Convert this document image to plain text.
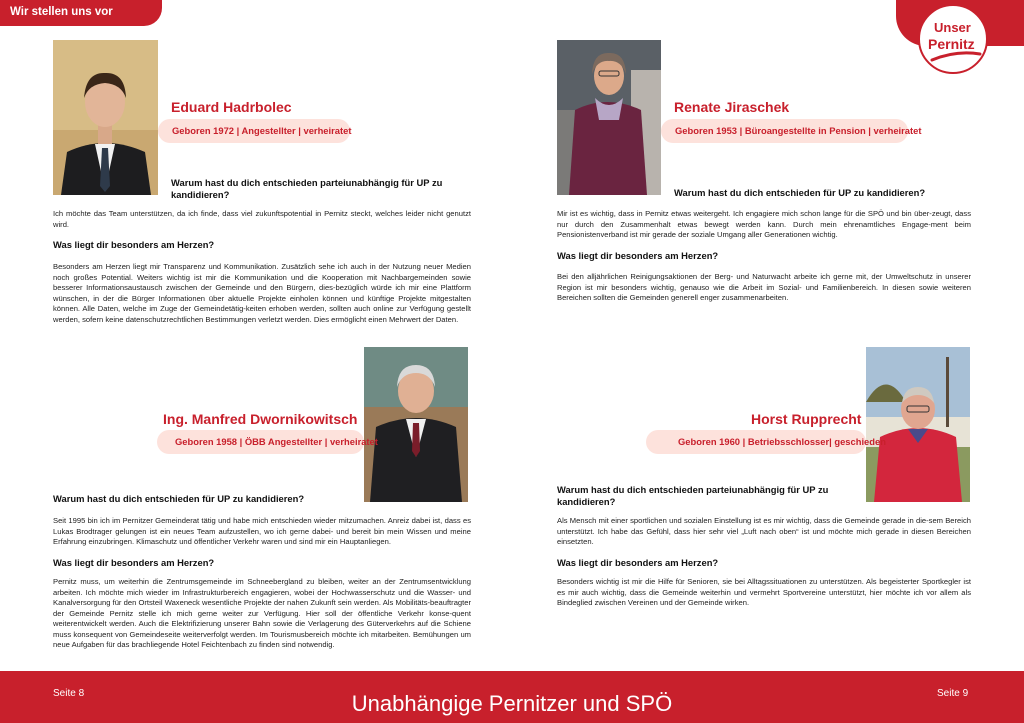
Wir stellen uns vor
Unser
Pernitz
Eduard Hadrbolec
Geboren 1972 | Angestellter | verheiratet
Warum hast du dich entschieden parteiunabhängig für UP zu kandidieren?
Ich möchte das Team unterstützen, da ich finde, dass viel zukunftspotential in Pernitz steckt, welches leider nicht genutzt wird.
Was liegt dir besonders am Herzen?
Besonders am Herzen liegt mir Transparenz und Kommunikation. Zusätzlich sehe ich auch in der Nutzung neuer Medien noch großes Potential. Weiters wichtig ist mir die Kommunikation und die Kooperation mit Nachbargemeinden sowie besserer Informationsaustausch zwischen der Gemeinde und den Bürgern, dies-bezüglich würde ich mir eine Plattform wünschen, in der die Bürger Informationen über aktuelle Projekte einholen können und künftige Projekte mitgestalten können. Alle Daten, welche im Zuge der Gemeindetätig-keiten erhoben werden, sollten auch online zur Verfügung gestellt werden, sofern keine datenschutzrechtlichen Bestimmungen verletzt werden. Dies ermöglicht einen Mehrwert der Daten.
Renate Jiraschek
Geboren 1953 | Büroangestellte in Pension | verheiratet
Warum hast du dich entschieden für UP zu kandidieren?
Mir ist es wichtig, dass in Pernitz etwas weitergeht. Ich engagiere mich schon lange für die SPÖ und bin über-zeugt, dass nur durch den Zusammenhalt etwas bewegt werden kann. Durch mein ehrenamtliches Engage-ment beim Pensionistenverband ist mir gerade der soziale Umgang aller Generationen wichtig.
Was liegt dir besonders am Herzen?
Bei den alljährlichen Reinigungsaktionen der Berg- und Naturwacht arbeite ich gerne mit, der Umweltschutz in unserer Region ist mir besonders wichtig, genauso wie die Arbeit im Sozial- und Familienbereich. In diesen sowie weiteren Bereichen sollten die Gemeinden generell enger zusammenarbeiten.
Ing. Manfred Dwornikowitsch
Geboren 1958 | ÖBB Angestellter | verheiratet
Warum hast du dich entschieden für UP zu kandidieren?
Seit 1995 bin ich im Pernitzer Gemeinderat tätig und habe mich entschieden wieder mitzumachen. Anreiz dabei ist, dass es Lukas Brodtrager gelungen ist ein neues Team aufzustellen, wo ich gerne dabei- und bereit bin mein Wissen und meine Erfahrung einzubringen. Klimaschutz und öffentlicher Verkehr waren und sind mir ein Hauptanliegen.
Was liegt dir besonders am Herzen?
Pernitz muss, um weiterhin die Zentrumsgemeinde im Schneebergland zu bleiben, weiter an der Zentrumsentwicklung arbeiten. Ich möchte mich wieder im Infrastrukturbereich engagieren, wobei der Hochwasserschutz und die Wasser- und Kanalversorgung für den Ortsteil Waxeneck wesentliche Projekte der nahen Zukunft sein werden. Als Mobilitäts-beauftragter der Gemeinde Pernitz stelle ich mich gerne weiter zur Verfügung. Hier soll der öffentliche Verkehr konse-quent weiterentwickelt werden. Auch die Elektrifizierung unserer Bahn sowie die Verlagerung des Güterverkehrs auf die Schiene muss konsequent von Gemeindeseite weiterverfolgt werden. Im Tourismusbereich möchte ich mitarbeiten. Bemühungen um neue Aufgaben für das brachliegende Hotel Feichtenbach zu finden sind notwendig.
Horst Rupprecht
Geboren 1960 | Betriebsschlosser| geschieden
Warum hast du dich entschieden parteiunabhängig für UP zu kandidieren?
Als Mensch mit einer sportlichen und sozialen Einstellung ist es mir wichtig, dass die Gemeinde gerade in die-sem Bereich unterstützt. Ich habe das Gefühl, dass hier sehr viel „Luft nach oben“ ist und möchte mich gerade in diesen Bereichen einsetzten.
Was liegt dir besonders am Herzen?
Besonders wichtig ist mir die Hilfe für Senioren, sie bei Alltagssituationen zu unterstützen. Als begeisterter Sportkegler ist es mir auch wichtig, dass die Gemeinde weiterhin und vermehrt Sportvereine unterstützt, hier möchte ich vor allem als Bindeglied zwischen Vereinen und der Gemeinde wirken.
Seite 8	Seite 9
Unabhängige Pernitzer und SPÖ
